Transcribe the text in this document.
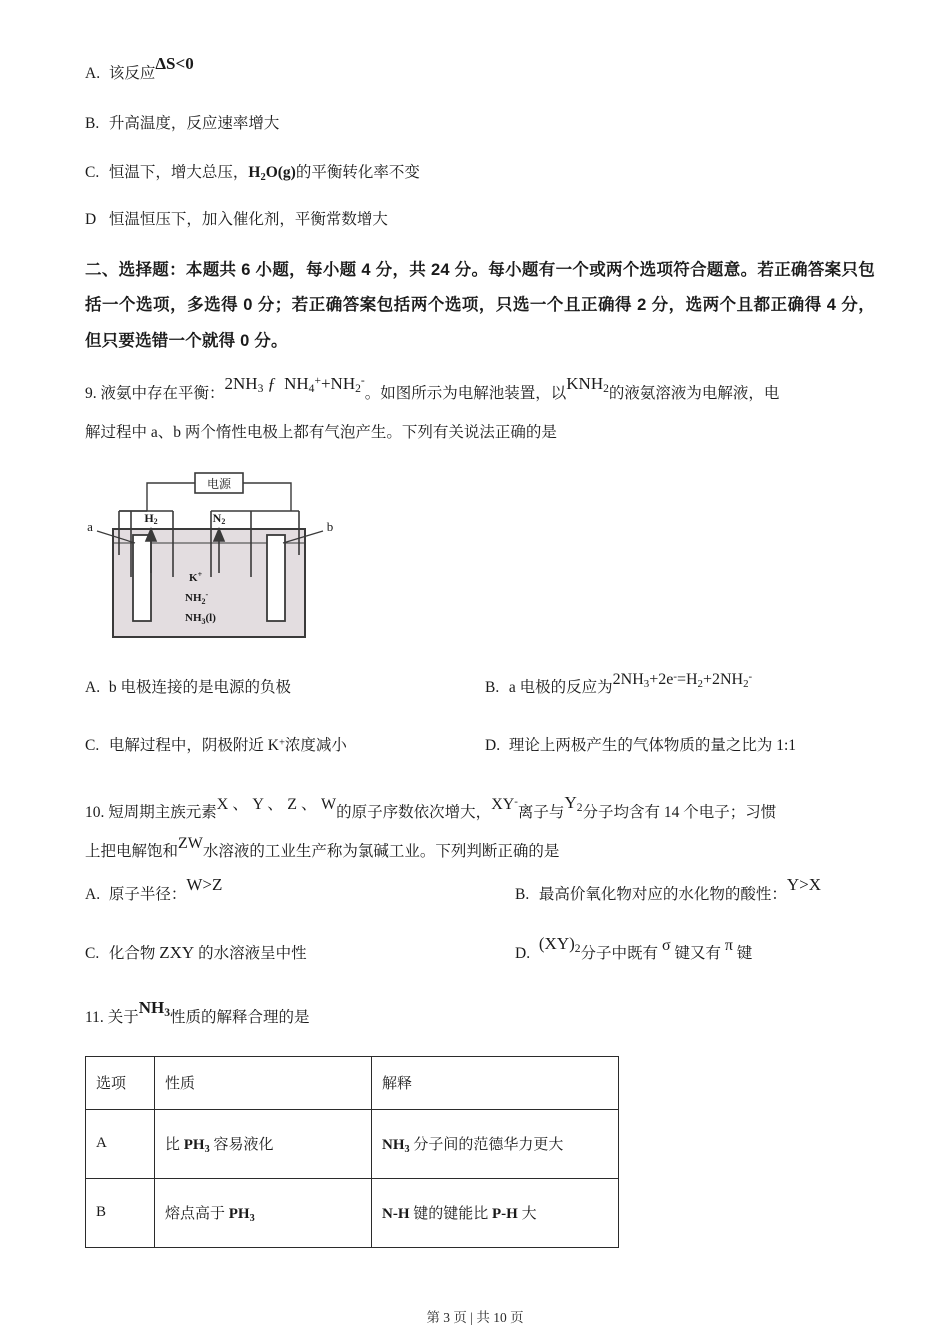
A. 该反应ΔS<0
B. 升高温度，反应速率增大
C. 恒温下，增大总压，$H_2O(g)$的平衡转化率不变
D 恒温恒压下，加入催化剂，平衡常数增大

二、选择题：本题共 6 小题，每小题 4 分，共 24 分。每小题有一个或两个选项符合题意。若正确答案只包括一个选项，多选得 0 分；若正确答案包括两个选项，只选一个且正确得 2 分，选两个且都正确得 4 分，但只要选错一个就得 0 分。

9. 液氨中存在平衡：$2NH_3$ ƒ $NH_4^++NH_2^-$。如图所示为电解池装置，以$KNH_2$的液氨溶液为电解液，电
解过程中 a、b 两个惰性电极上都有气泡产生。下列有关说法正确的是
电源
H2	N2
a	b
K+
$NH_2^-$
$NH_3(l)$
A. b 电极连接的是电源的负极	B. a 电极的反应为$2NH_3+2e^-=H_2+2NH_2^-$
C. 电解过程中，阴极附近 K+浓度减小	D. 理论上两极产生的气体物质的量之比为 1:1
10. 短周期主族元素X 、 Y 、 Z 、 W的原子序数依次增大，XY-离子与$Y_2$分子均含有 14 个电子；习惯
上把电解饱和ZW水溶液的工业生产称为氯碱工业。下列判断正确的是
A. 原子半径：W>Z
B. 最高价氧化物对应的水化物的酸性：Y>X
C. 化合物 ZXY 的水溶液呈中性	D. $(XY)_2$分子中既有 σ 键又有 π 键
11. 关于$NH_3$性质的解释合理的是
选项	性质	解释
A	比 $PH_3$ 容易液化	$NH_3$ 分子间的范德华力更大
B	熔点高于 $PH_3$	N-H 键的键能比 P-H 大
第 3 页 | 共 10 页
